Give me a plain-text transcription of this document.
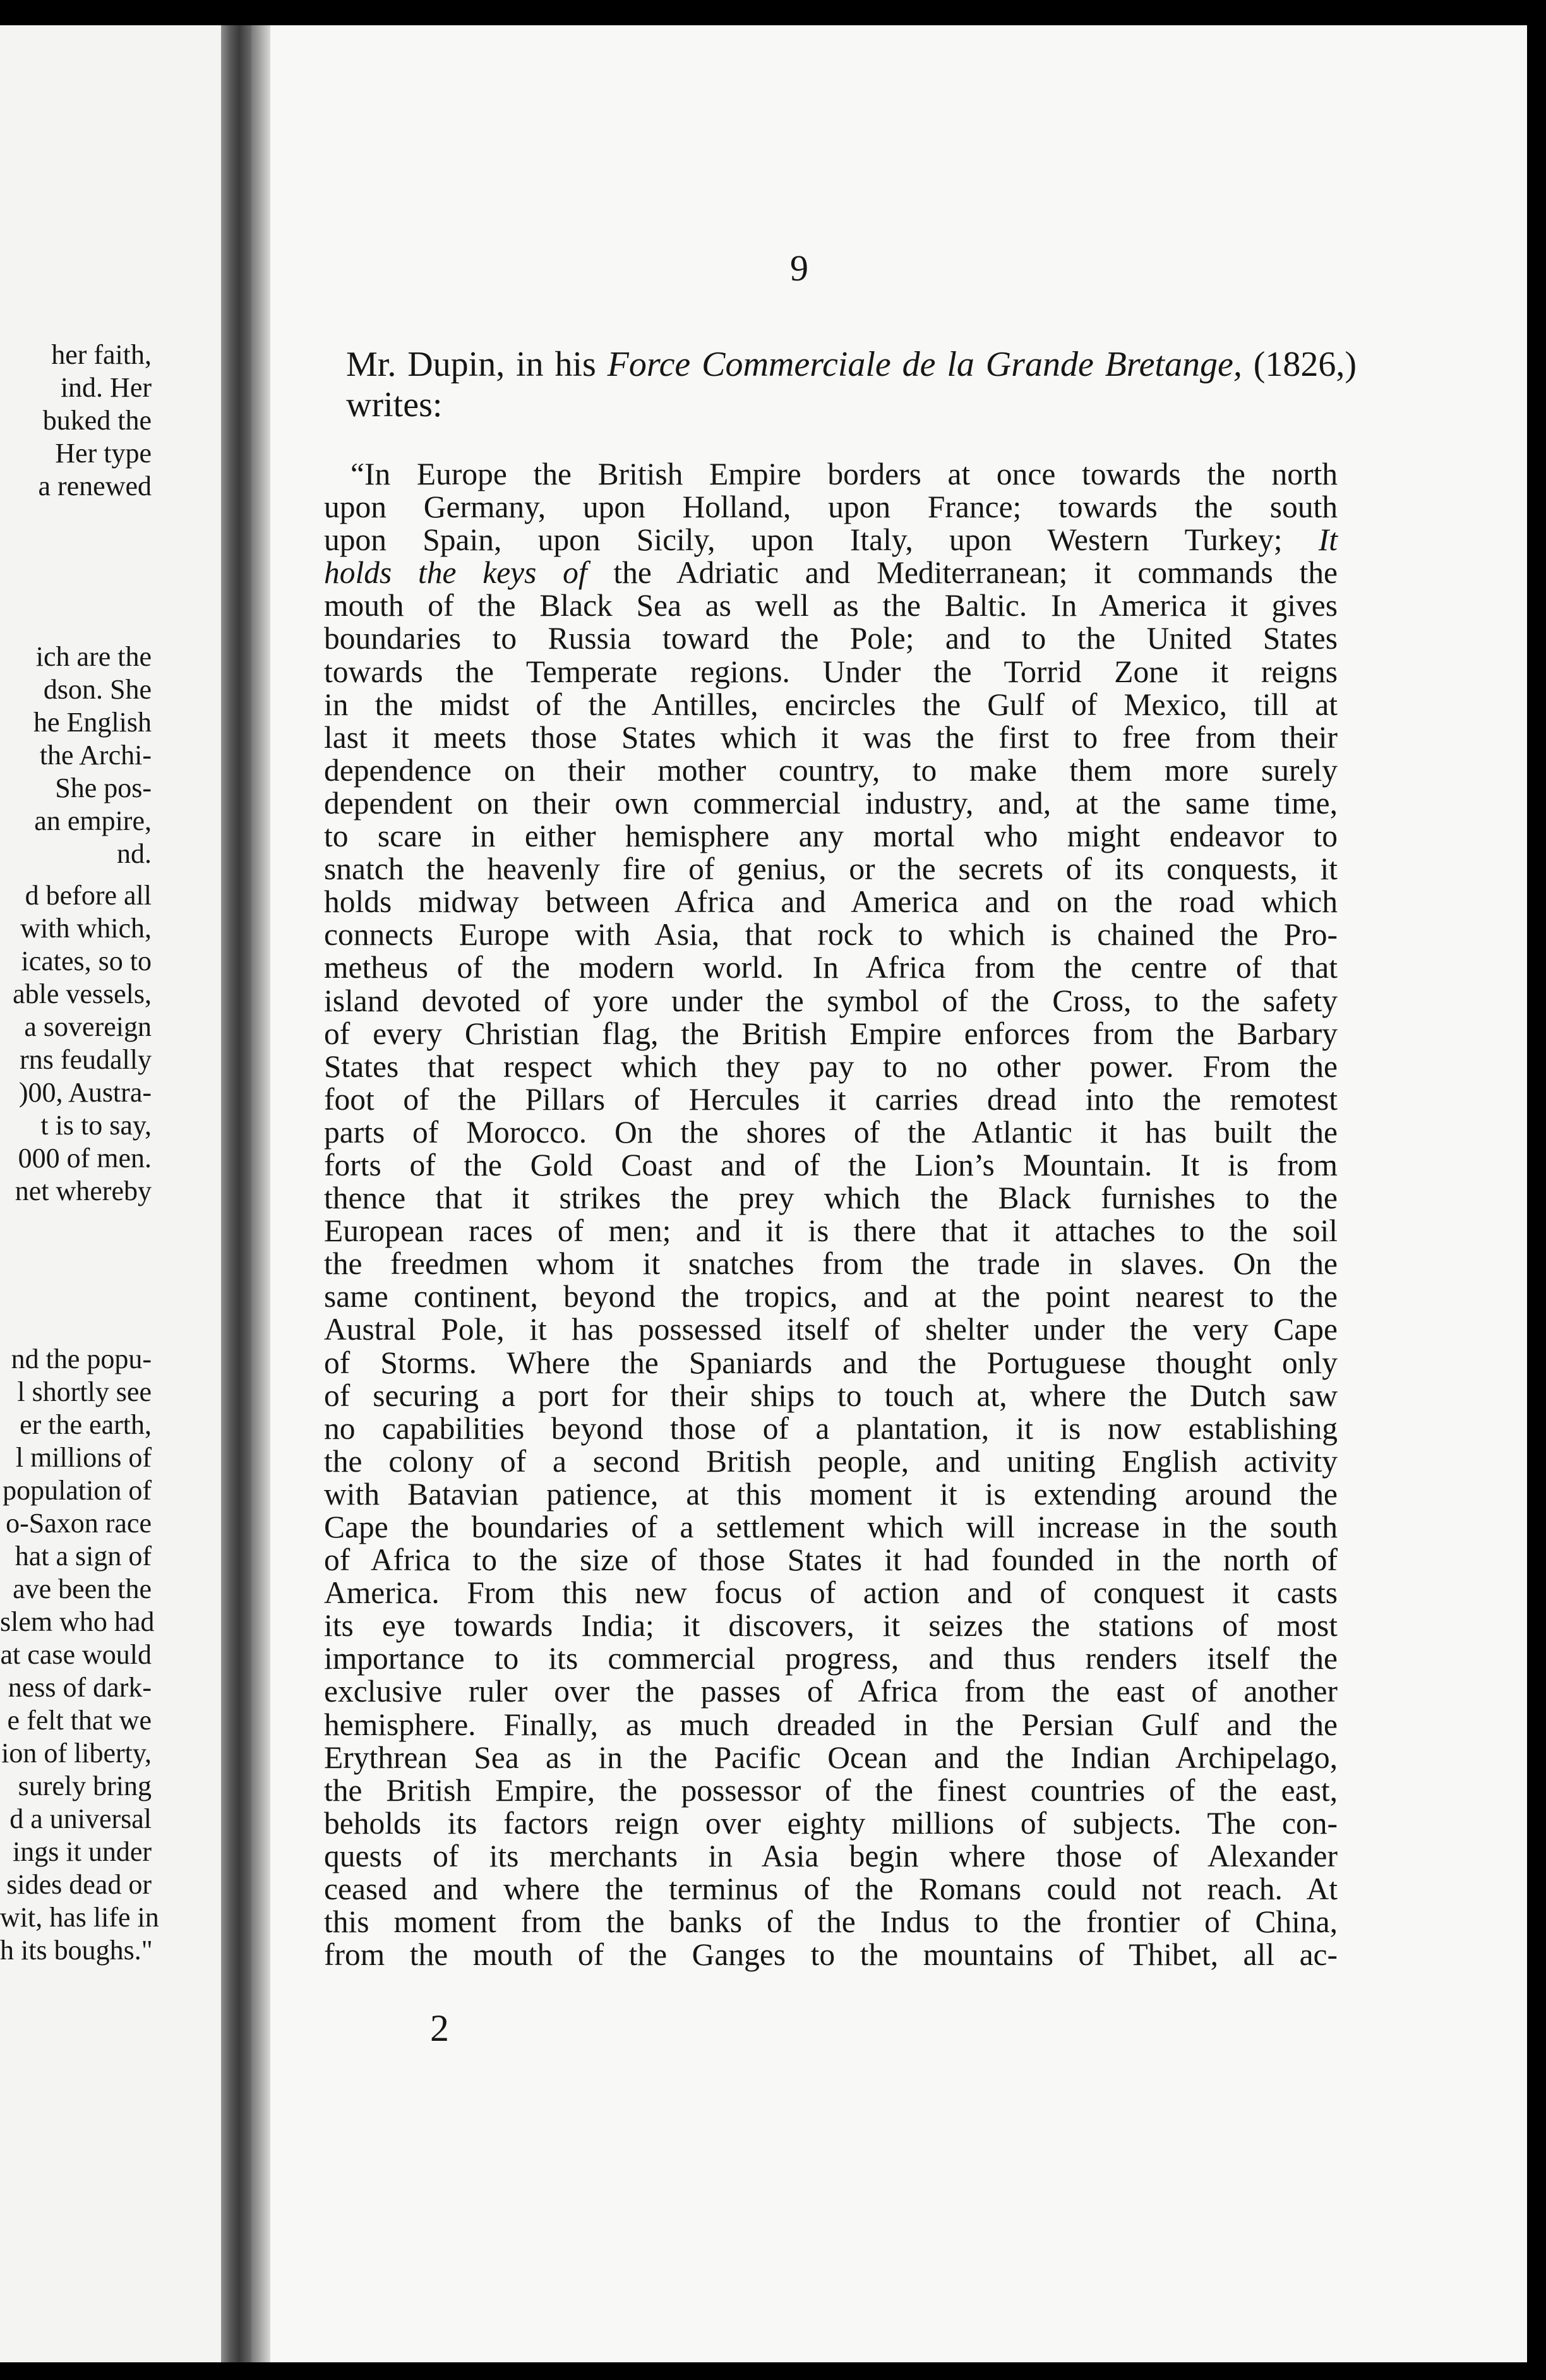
her faith,
ind. Her
buked the
Her type
a renewed
ich are the
dson. She
he English
the Archi-
She pos-
an empire,
nd.
d before all
with which,
icates, so to
able vessels,
a sovereign
rns feudally
)00, Austra-
t is to say,
000 of men.
net whereby
nd the popu-
l shortly see
er the earth,
l millions of
population of
o-Saxon race
hat a sign of
ave been the
slem who had
at case would
ness of dark-
e felt that we
ion of liberty,
surely bring
d a universal
ings it under
sides dead or
wit, has life in
h its boughs."
9
Mr. Dupin, in his Force Commerciale de la Grande Bretange, (1826,) writes:
“In Europe the British Empire borders at once towards the north
upon Germany, upon Holland, upon France; towards the south
upon Spain, upon Sicily, upon Italy, upon Western Turkey; It
holds the keys of the Adriatic and Mediterranean; it commands the
mouth of the Black Sea as well as the Baltic. In America it gives
boundaries to Russia toward the Pole; and to the United States
towards the Temperate regions. Under the Torrid Zone it reigns
in the midst of the Antilles, encircles the Gulf of Mexico, till at
last it meets those States which it was the first to free from their
dependence on their mother country, to make them more surely
dependent on their own commercial industry, and, at the same time,
to scare in either hemisphere any mortal who might endeavor to
snatch the heavenly fire of genius, or the secrets of its conquests, it
holds midway between Africa and America and on the road which
connects Europe with Asia, that rock to which is chained the Pro-
metheus of the modern world. In Africa from the centre of that
island devoted of yore under the symbol of the Cross, to the safety
of every Christian flag, the British Empire enforces from the Barbary
States that respect which they pay to no other power. From the
foot of the Pillars of Hercules it carries dread into the remotest
parts of Morocco. On the shores of the Atlantic it has built the
forts of the Gold Coast and of the Lion’s Mountain. It is from
thence that it strikes the prey which the Black furnishes to the
European races of men; and it is there that it attaches to the soil
the freedmen whom it snatches from the trade in slaves. On the
same continent, beyond the tropics, and at the point nearest to the
Austral Pole, it has possessed itself of shelter under the very Cape
of Storms. Where the Spaniards and the Portuguese thought only
of securing a port for their ships to touch at, where the Dutch saw
no capabilities beyond those of a plantation, it is now establishing
the colony of a second British people, and uniting English activity
with Batavian patience, at this moment it is extending around the
Cape the boundaries of a settlement which will increase in the south
of Africa to the size of those States it had founded in the north of
America. From this new focus of action and of conquest it casts
its eye towards India; it discovers, it seizes the stations of most
importance to its commercial progress, and thus renders itself the
exclusive ruler over the passes of Africa from the east of another
hemisphere. Finally, as much dreaded in the Persian Gulf and the
Erythrean Sea as in the Pacific Ocean and the Indian Archipelago,
the British Empire, the possessor of the finest countries of the east,
beholds its factors reign over eighty millions of subjects. The con-
quests of its merchants in Asia begin where those of Alexander
ceased and where the terminus of the Romans could not reach. At
this moment from the banks of the Indus to the frontier of China,
from the mouth of the Ganges to the mountains of Thibet, all ac-
2
